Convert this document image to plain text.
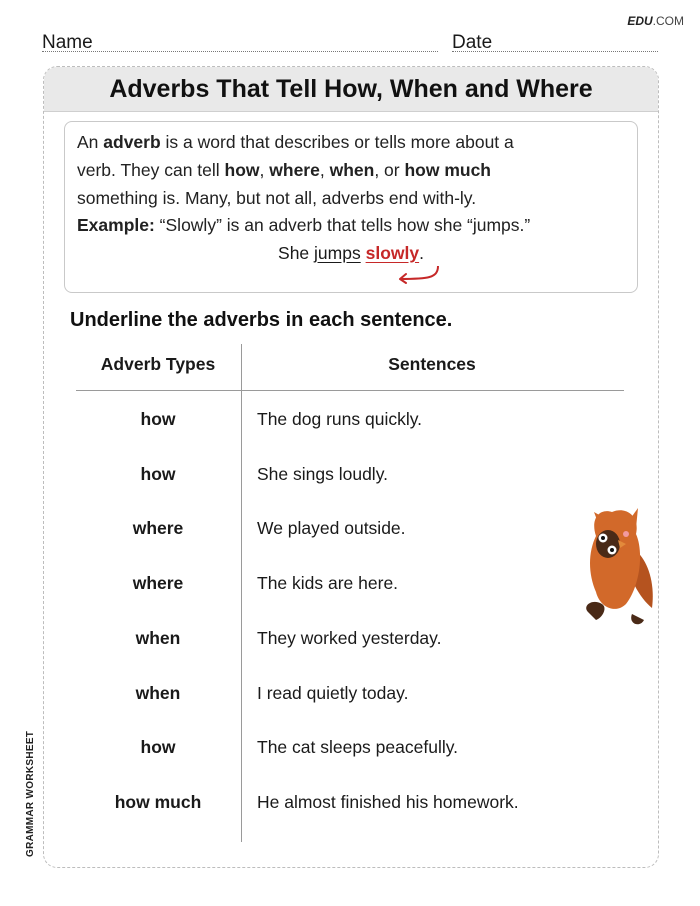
EDU.COM
Name	Date
Adverbs That Tell How, When and Where
An adverb is a word that describes or tells more about a
verb. They can tell how, where, when, or how much
something is. Many, but not all, adverbs end with-ly.
Example: “Slowly” is an adverb that tells how she “jumps.”
She jumps slowly.
Underline the adverbs in each sentence.
Adverb Types	Sentences
how	The dog runs quickly.
how	She sings loudly.
where	We played outside.
where	The kids are here.
when	They worked yesterday.
when	I read quietly today.
how	The cat sleeps peacefully.
how much	He almost finished his homework.
GRAMMAR WORKSHEET
